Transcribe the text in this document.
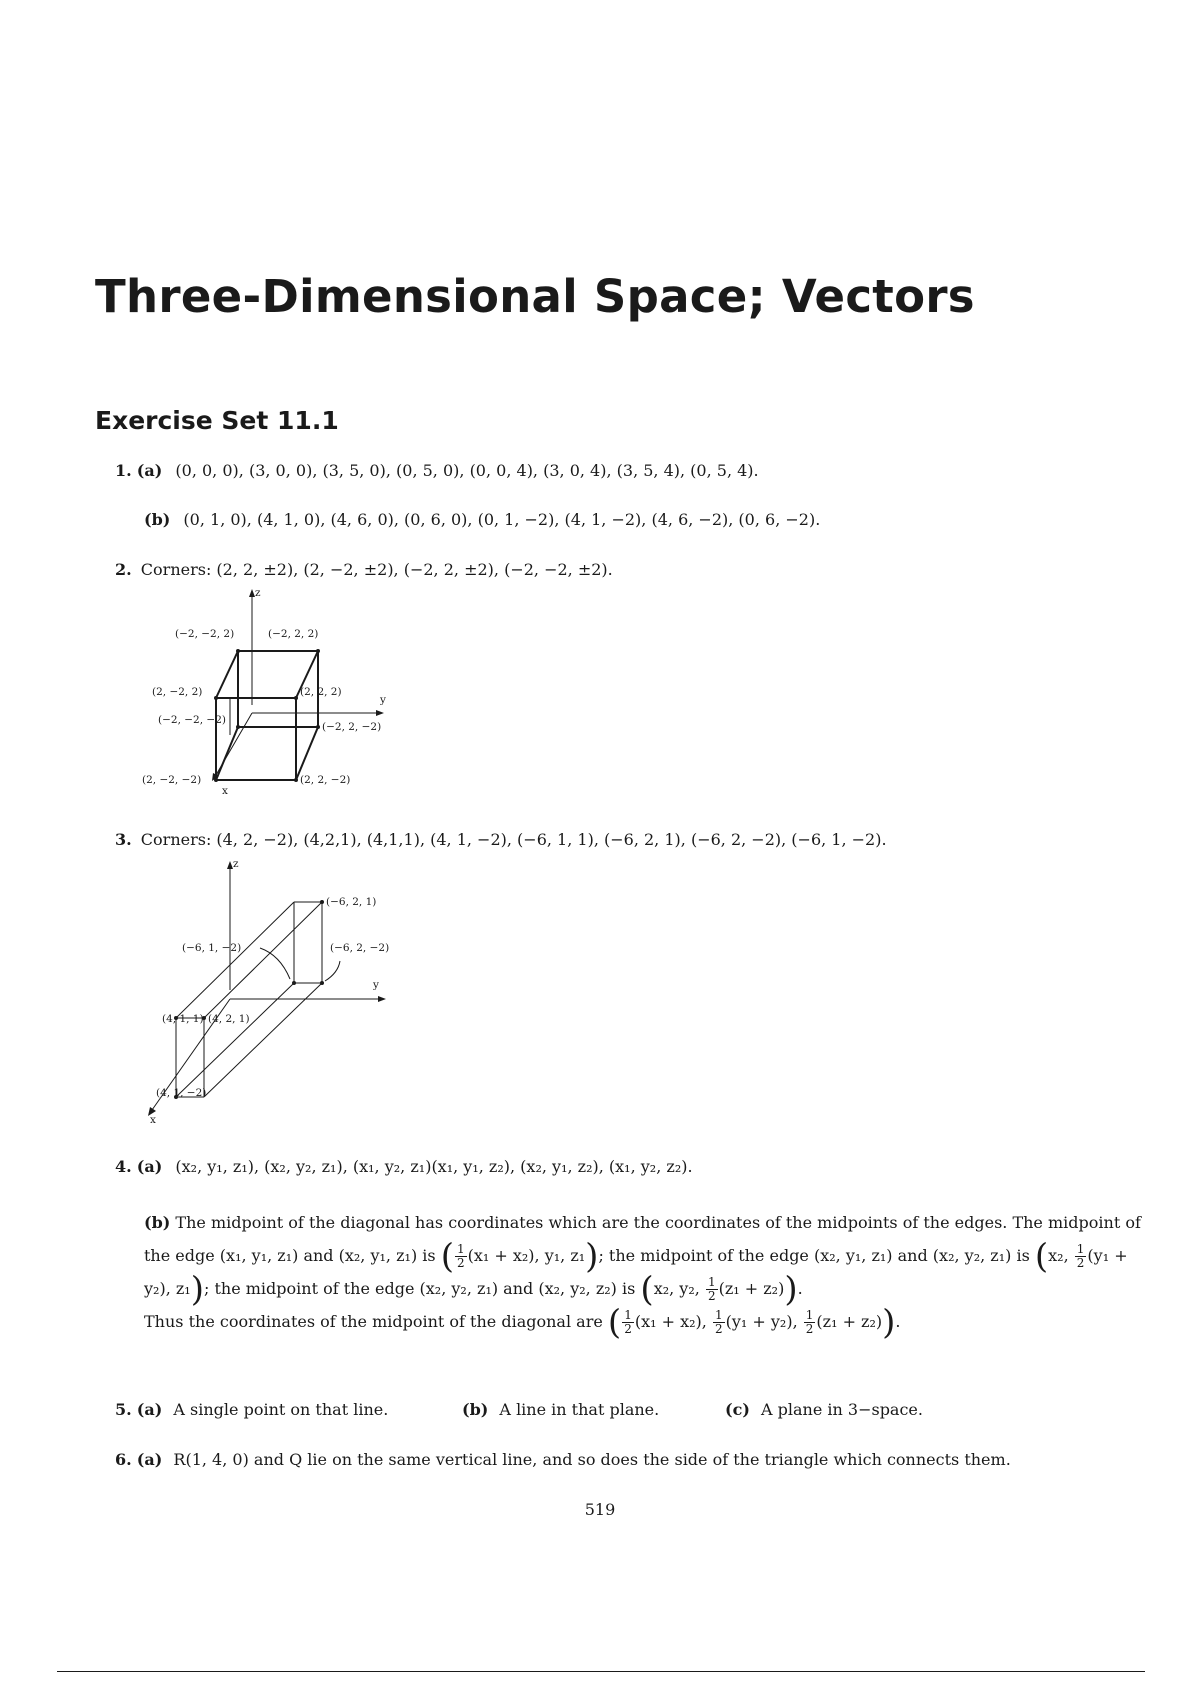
Three-Dimensional Space; Vectors
Exercise Set 11.1
1. (a) (0, 0, 0), (3, 0, 0), (3, 5, 0), (0, 5, 0), (0, 0, 4), (3, 0, 4), (3, 5, 4), (0, 5, 4).
(b) (0, 1, 0), (4, 1, 0), (4, 6, 0), (0, 6, 0), (0, 1, −2), (4, 1, −2), (4, 6, −2), (0, 6, −2).
2. Corners: (2, 2, ±2), (2, −2, ±2), (−2, 2, ±2), (−2, −2, ±2).
z
y
x
(−2, −2, 2)	(−2, 2, 2)
(2, −2, 2)	(2, 2, 2)
(−2, −2, −2)
(−2, 2, −2)
(2, −2, −2)	(2, 2, −2)
3. Corners: (4, 2, −2), (4,2,1), (4,1,1), (4, 1, −2), (−6, 1, 1), (−6, 2, 1), (−6, 2, −2), (−6, 1, −2).
z
y
x
(−6, 2, 1)
(−6, 1, −2)	(−6, 2, −2)
(4, 1, 1) (4, 2, 1)
(4, 1, −2)
4. (a) (x₂, y₁, z₁), (x₂, y₂, z₁), (x₁, y₂, z₁)(x₁, y₁, z₂), (x₂, y₁, z₂), (x₁, y₂, z₂).
(b) The midpoint of the diagonal has coordinates which are the coordinates of the midpoints of the edges. The midpoint of the edge (x₁, y₁, z₁) and (x₂, y₁, z₁) is ( $\frac{1}{2} (x_1 + x_2)$, y₁, z₁); the midpoint of the edge (x₂, y₁, z₁) and (x₂, y₂, z₁) is (x₂, $\frac{1}{2} (y_1 + y_2)$, z₁); the midpoint of the edge (x₂, y₂, z₁) and (x₂, y₂, z₂) is (x₂, y₂, $\frac{1}{2} (z_1 + z_2)$).
Thus the coordinates of the midpoint of the diagonal are ( $\frac{1}{2} (x_1 + x_2)$, $\frac{1}{2} (y_1 + y_2)$, $\frac{1}{2} (z_1 + z_2)$).
5. (a) A single point on that line.	(b) A line in that plane.	(c) A plane in 3−space.
6. (a) R(1, 4, 0) and Q lie on the same vertical line, and so does the side of the triangle which connects them.
519
